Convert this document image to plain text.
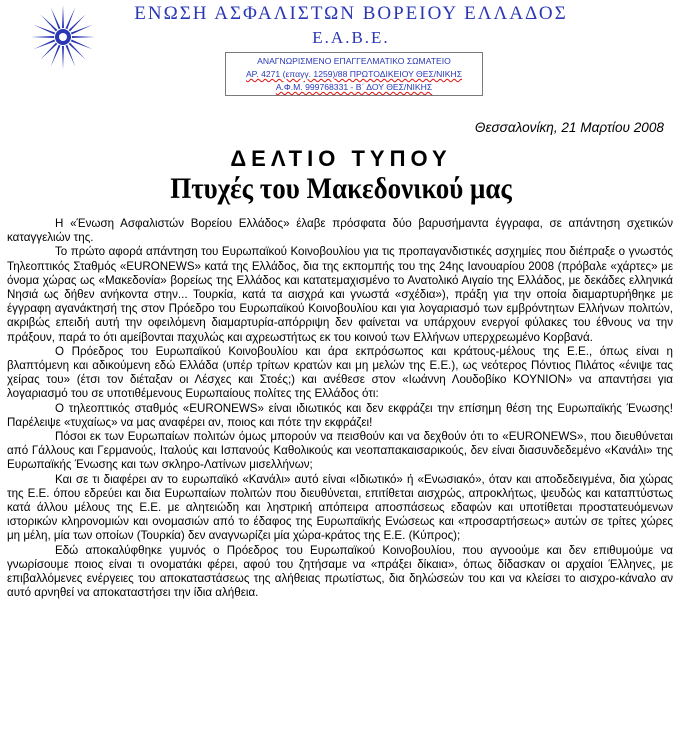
ΕΝΩΣΗ ΑΣΦΑΛΙΣΤΩΝ ΒΟΡΕΙΟΥ ΕΛΛΑΔΟΣ
Ε.Α.Β.Ε.
ΑΝΑΓΝΩΡΙΣΜΕΝΟ ΕΠΑΓΓΕΛΜΑΤΙΚΟ ΣΩΜΑΤΕΙΟ
ΑΡ. 4271 (επαγγ. 1259)/88 ΠΡΩΤΟΔΙΚΕΙΟΥ ΘΕΣ/ΝΙΚΗΣ
Α.Φ.Μ. 999768331 - Β΄ ΔΟΥ ΘΕΣ/ΝΙΚΗΣ
Θεσσαλονίκη, 21 Μαρτίου 2008
ΔΕΛΤΙΟ ΤΥΠΟΥ
Πτυχές του Μακεδονικού μας

Η «Ένωση Ασφαλιστών Βορείου Ελλάδος» έλαβε πρόσφατα δύο βαρυσήμαντα έγγραφα, σε απάντηση σχετικών καταγγελιών της.

Το πρώτο αφορά απάντηση του Ευρωπαϊκού Κοινοβουλίου για τις προπαγανδιστικές ασχημίες που διέπραξε ο γνωστός Τηλεοπτικός Σταθμός «EURONEWS» κατά της Ελλάδος, δια της εκπομπής του της 24ης Ιανουαρίου 2008 (πρόβαλε «χάρτες» με όνομα χώρας ως «Μακεδονία» βορείως της Ελλάδος και κατατεμαχισμένο το Ανατολικό Αιγαίο της Ελλάδος, με δεκάδες ελληνικά Νησιά ως δήθεν ανήκοντα στην... Τουρκία, κατά τα αισχρά και γνωστά «σχέδια»), πράξη για την οποία διαμαρτυρήθηκε με έγγραφη αγανάκτησή της στον Πρόεδρο του Ευρωπαϊκού Κοινοβουλίου και για λογαριασμό των εμβρόντητων Ελλήνων πολιτών, ακριβώς επειδή αυτή την οφειλόμενη διαμαρτυρία-απόρριψη δεν φαίνεται να υπάρχουν ενεργοί φύλακες του έθνους να την πράξουν, παρά το ότι αμείβονται παχυλώς και αχρεωστήτως εκ του κοινού των Ελλήνων υπερχρεωμένο Κορβανά.

Ο Πρόεδρος του Ευρωπαϊκού Κοινοβουλίου και άρα εκπρόσωπος και κράτους-μέλους της Ε.Ε., όπως είναι η βλαπτόμενη και αδικούμενη εδώ Ελλάδα (υπέρ τρίτων κρατών και μη μελών της Ε.Ε.), ως νεότερος Πόντιος Πιλάτος «ένιψε τας χείρας του» (έτσι τον διέταξαν οι Λέσχες και Στοές;) και ανέθεσε στον «Ιωάννη Λουδοβίκο ΚΟΥΝΙΟΝ» να απαντήσει για λογαριασμό του σε υποτιθέμενους Ευρωπαίους πολίτες της Ελλάδος ότι:

Ο τηλεοπτικός σταθμός «EURONEWS» είναι ιδιωτικός και δεν εκφράζει την επίσημη θέση της Ευρωπαϊκής Ένωσης! Παρέλειψε «τυχαίως» να μας αναφέρει αν, ποιος και πότε την εκφράζει!

Πόσοι εκ των Ευρωπαίων πολιτών όμως μπορούν να πεισθούν και να δεχθούν ότι το «EURONEWS», που διευθύνεται από Γάλλους και Γερμανούς, Ιταλούς και Ισπανούς Καθολικούς και νεοπαπακαισαρικούς, δεν είναι διασυνδεδεμένο «Κανάλι» της Ευρωπαϊκής Ένωσης και των σκληρο-Λατίνων μισελλήνων;

Και σε τι διαφέρει αν το ευρωπαϊκό «Κανάλι» αυτό είναι «Ιδιωτικό» ή «Ενωσιακό», όταν και αποδεδειγμένα, δια χώρας της Ε.Ε. όπου εδρεύει και δια Ευρωπαίων πολιτών που διευθύνεται, επιτίθεται αισχρώς, απροκλήτως, ψευδώς και καταπτύστως κατά άλλου μέλους της Ε.Ε. με αλητειώδη και ληστρική απόπειρα αποσπάσεως εδαφών και υποτίθεται προστατευόμενων ιστορικών κληρονομιών και ονομασιών από το έδαφος της Ευρωπαϊκής Ενώσεως και «προσαρτήσεως» αυτών σε τρίτες χώρες μη μέλη, μία των οποίων (Τουρκία) δεν αναγνωρίζει μία χώρα-κράτος της Ε.Ε. (Κύπρος);

Εδώ αποκαλύφθηκε γυμνός ο Πρόεδρος του Ευρωπαϊκού Κοινοβουλίου, που αγνοούμε και δεν επιθυμούμε να γνωρίσουμε ποιος είναι τι ονοματάκι φέρει, αφού του ζητήσαμε να «πράξει δίκαια», όπως δίδασκαν οι αρχαίοι Έλληνες, με επιβαλλόμενες ενέργειες του αποκαταστάσεως της αλήθειας πρωτίστως, δια δηλώσεών του και να κλείσει το αισχρο-κάναλο αν αυτό αρνηθεί να αποκαταστήσει την ίδια αλήθεια.
